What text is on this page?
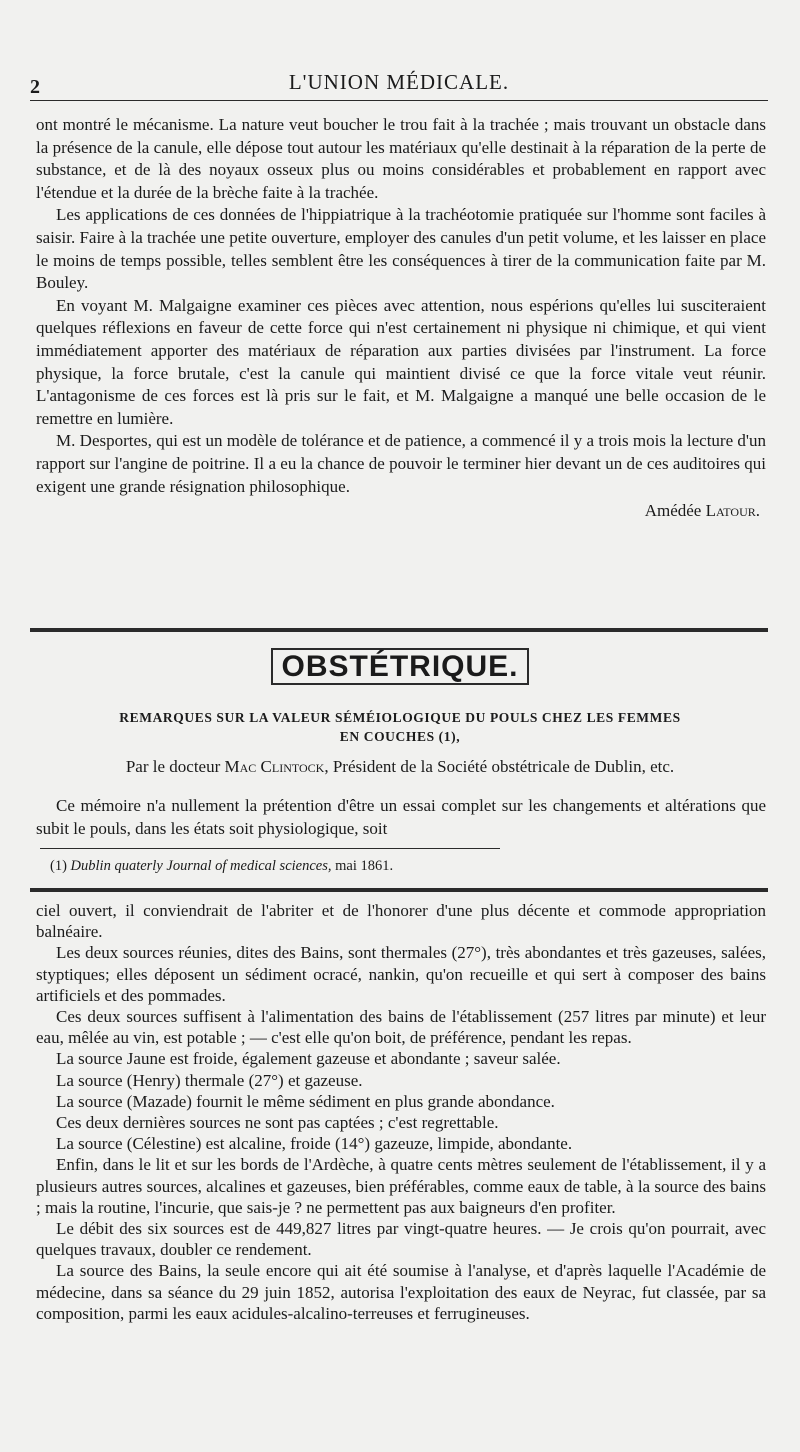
2	L'UNION MÉDICALE.

ont montré le mécanisme. La nature veut boucher le trou fait à la trachée ; mais trouvant un obstacle dans la présence de la canule, elle dépose tout autour les matériaux qu'elle destinait à la réparation de la perte de substance, et de là des noyaux osseux plus ou moins considérables et probablement en rapport avec l'étendue et la durée de la brèche faite à la trachée.

Les applications de ces données de l'hippiatrique à la trachéotomie pratiquée sur l'homme sont faciles à saisir. Faire à la trachée une petite ouverture, employer des canules d'un petit volume, et les laisser en place le moins de temps possible, telles semblent être les conséquences à tirer de la communication faite par M. Bouley.

En voyant M. Malgaigne examiner ces pièces avec attention, nous espérions qu'elles lui susciteraient quelques réflexions en faveur de cette force qui n'est certainement ni physique ni chimique, et qui vient immédiatement apporter des matériaux de réparation aux parties divisées par l'instrument. La force physique, la force brutale, c'est la canule qui maintient divisé ce que la force vitale veut réunir. L'antagonisme de ces forces est là pris sur le fait, et M. Malgaigne a manqué une belle occasion de le remettre en lumière.

M. Desportes, qui est un modèle de tolérance et de patience, a commencé il y a trois mois la lecture d'un rapport sur l'angine de poitrine. Il a eu la chance de pouvoir le terminer hier devant un de ces auditoires qui exigent une grande résignation philosophique.

Amédée Latour.
OBSTÉTRIQUE.
REMARQUES SUR LA VALEUR SÉMÉIOLOGIQUE DU POULS CHEZ LES FEMMES
EN COUCHES (1),
Par le docteur Mac Clintock, Président de la Société obstétricale de Dublin, etc.

Ce mémoire n'a nullement la prétention d'être un essai complet sur les changements et altérations que subit le pouls, dans les états soit physiologique, soit

(1) Dublin quaterly Journal of medical sciences, mai 1861.

ciel ouvert, il conviendrait de l'abriter et de l'honorer d'une plus décente et commode appropriation balnéaire.

Les deux sources réunies, dites des Bains, sont thermales (27°), très abondantes et très gazeuses, salées, styptiques; elles déposent un sédiment ocracé, nankin, qu'on recueille et qui sert à composer des bains artificiels et des pommades.

Ces deux sources suffisent à l'alimentation des bains de l'établissement (257 litres par minute) et leur eau, mêlée au vin, est potable ; — c'est elle qu'on boit, de préférence, pendant les repas.

La source Jaune est froide, également gazeuse et abondante ; saveur salée.

La source (Henry) thermale (27°) et gazeuse.

La source (Mazade) fournit le même sédiment en plus grande abondance.

Ces deux dernières sources ne sont pas captées ; c'est regrettable.

La source (Célestine) est alcaline, froide (14°) gazeuze, limpide, abondante.

Enfin, dans le lit et sur les bords de l'Ardèche, à quatre cents mètres seulement de l'établissement, il y a plusieurs autres sources, alcalines et gazeuses, bien préférables, comme eaux de table, à la source des bains ; mais la routine, l'incurie, que sais-je ? ne permettent pas aux baigneurs d'en profiter.

Le débit des six sources est de 449,827 litres par vingt-quatre heures. — Je crois qu'on pourrait, avec quelques travaux, doubler ce rendement.

La source des Bains, la seule encore qui ait été soumise à l'analyse, et d'après laquelle l'Académie de médecine, dans sa séance du 29 juin 1852, autorisa l'exploitation des eaux de Neyrac, fut classée, par sa composition, parmi les eaux acidules-alcalino-terreuses et ferrugineuses.
